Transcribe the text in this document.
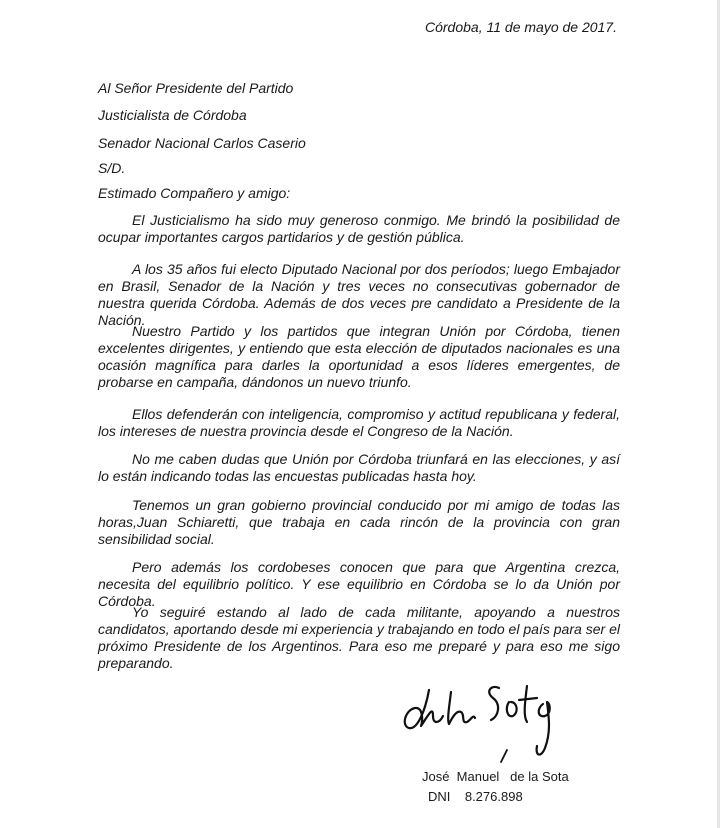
Córdoba, 11 de mayo de 2017.
Al Señor Presidente del Partido
Justicialista de Córdoba
Senador Nacional Carlos Caserio
S/D.
Estimado Compañero y amigo:
El Justicialismo ha sido muy generoso conmigo. Me brindó la posibilidad de ocupar importantes cargos partidarios y de gestión pública.
A los 35 años fui electo Diputado Nacional por dos períodos; luego Embajador en Brasil, Senador de la Nación y tres veces no consecutivas gobernador de nuestra querida Córdoba. Además de dos veces pre candidato a Presidente de la Nación.
Nuestro Partido y los partidos que integran Unión por Córdoba, tienen excelentes dirigentes, y entiendo que esta elección de diputados nacionales es una ocasión magnífica para darles la oportunidad a esos líderes emergentes, de probarse en campaña, dándonos un nuevo triunfo.
Ellos defenderán con inteligencia, compromiso y actitud republicana y federal, los intereses de nuestra provincia desde el Congreso de la Nación.
No me caben dudas que Unión por Córdoba triunfará en las elecciones, y así lo están indicando todas las encuestas publicadas hasta hoy.
Tenemos un gran gobierno provincial conducido por mi amigo de todas las horas,Juan Schiaretti, que trabaja en cada rincón de la provincia con gran sensibilidad social.
Pero además los cordobeses conocen que para que Argentina crezca, necesita del equilibrio político. Y ese equilibrio en Córdoba se lo da Unión por Córdoba.
Yo seguiré estando al lado de cada militante, apoyando a nuestros candidatos, aportando desde mi experiencia y trabajando en todo el país para ser el próximo Presidente de los Argentinos. Para eso me preparé y para eso me sigo preparando.
José  Manuel   de la Sota
DNI    8.276.898
